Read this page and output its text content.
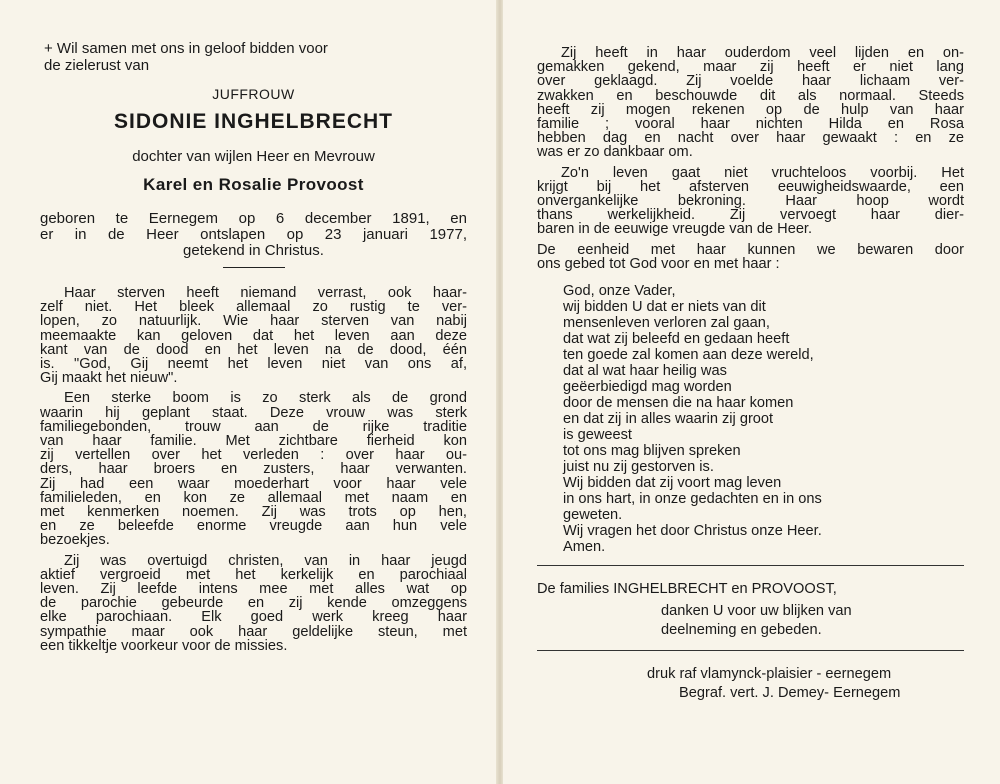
+ Wil samen met ons in geloof bidden voor
de zielerust van
JUFFROUW
SIDONIE INGHELBRECHT
dochter van wijlen Heer en Mevrouw
Karel en Rosalie Provoost
geboren te Eernegem op 6 december 1891, en
er in de Heer ontslapen op 23 januari 1977,
getekend in Christus.
Haar sterven heeft niemand verrast, ook haar-
zelf niet. Het bleek allemaal zo rustig te ver-
lopen, zo natuurlijk. Wie haar sterven van nabij
meemaakte kan geloven dat het leven aan deze
kant van de dood en het leven na de dood, één
is. "God, Gij neemt het leven niet van ons af,
Gij maakt het nieuw".
Een sterke boom is zo sterk als de grond
waarin hij geplant staat. Deze vrouw was sterk
familiegebonden, trouw aan de rijke traditie
van haar familie. Met zichtbare fierheid kon
zij vertellen over het verleden : over haar ou-
ders, haar broers en zusters, haar verwanten.
Zij had een waar moederhart voor haar vele
familieleden, en kon ze allemaal met naam en
met kenmerken noemen. Zij was trots op hen,
en ze beleefde enorme vreugde aan hun vele
bezoekjes.
Zij was overtuigd christen, van in haar jeugd
aktief vergroeid met het kerkelijk en parochiaal
leven. Zij leefde intens mee met alles wat op
de parochie gebeurde en zij kende omzeggens
elke parochiaan. Elk goed werk kreeg haar
sympathie maar ook haar geldelijke steun, met
een tikkeltje voorkeur voor de missies.
Zij heeft in haar ouderdom veel lijden en on-
gemakken gekend, maar zij heeft er niet lang
over geklaagd. Zij voelde haar lichaam ver-
zwakken en beschouwde dit als normaal. Steeds
heeft zij mogen rekenen op de hulp van haar
familie ; vooral haar nichten Hilda en Rosa
hebben dag en nacht over haar gewaakt : en ze
was er zo dankbaar om.
Zo'n leven gaat niet vruchteloos voorbij. Het
krijgt bij het afsterven eeuwigheidswaarde, een
onvergankelijke bekroning. Haar hoop wordt
thans werkelijkheid. Zij vervoegt haar dier-
baren in de eeuwige vreugde van de Heer.
De eenheid met haar kunnen we bewaren door
ons gebed tot God voor en met haar :
God, onze Vader,
wij bidden U dat er niets van dit
mensenleven verloren zal gaan,
dat wat zij beleefd en gedaan heeft
ten goede zal komen aan deze wereld,
dat al wat haar heilig was
geëerbiedigd mag worden
door de mensen die na haar komen
en dat zij in alles waarin zij groot
is geweest
tot ons mag blijven spreken
juist nu zij gestorven is.
Wij bidden dat zij voort mag leven
in ons hart, in onze gedachten en in ons
geweten.
Wij vragen het door Christus onze Heer.
Amen.
De families INGHELBRECHT en PROVOOST,
danken U voor uw blijken van
deelneming en gebeden.
druk raf vlamynck-plaisier - eernegem
Begraf. vert. J. Demey- Eernegem
